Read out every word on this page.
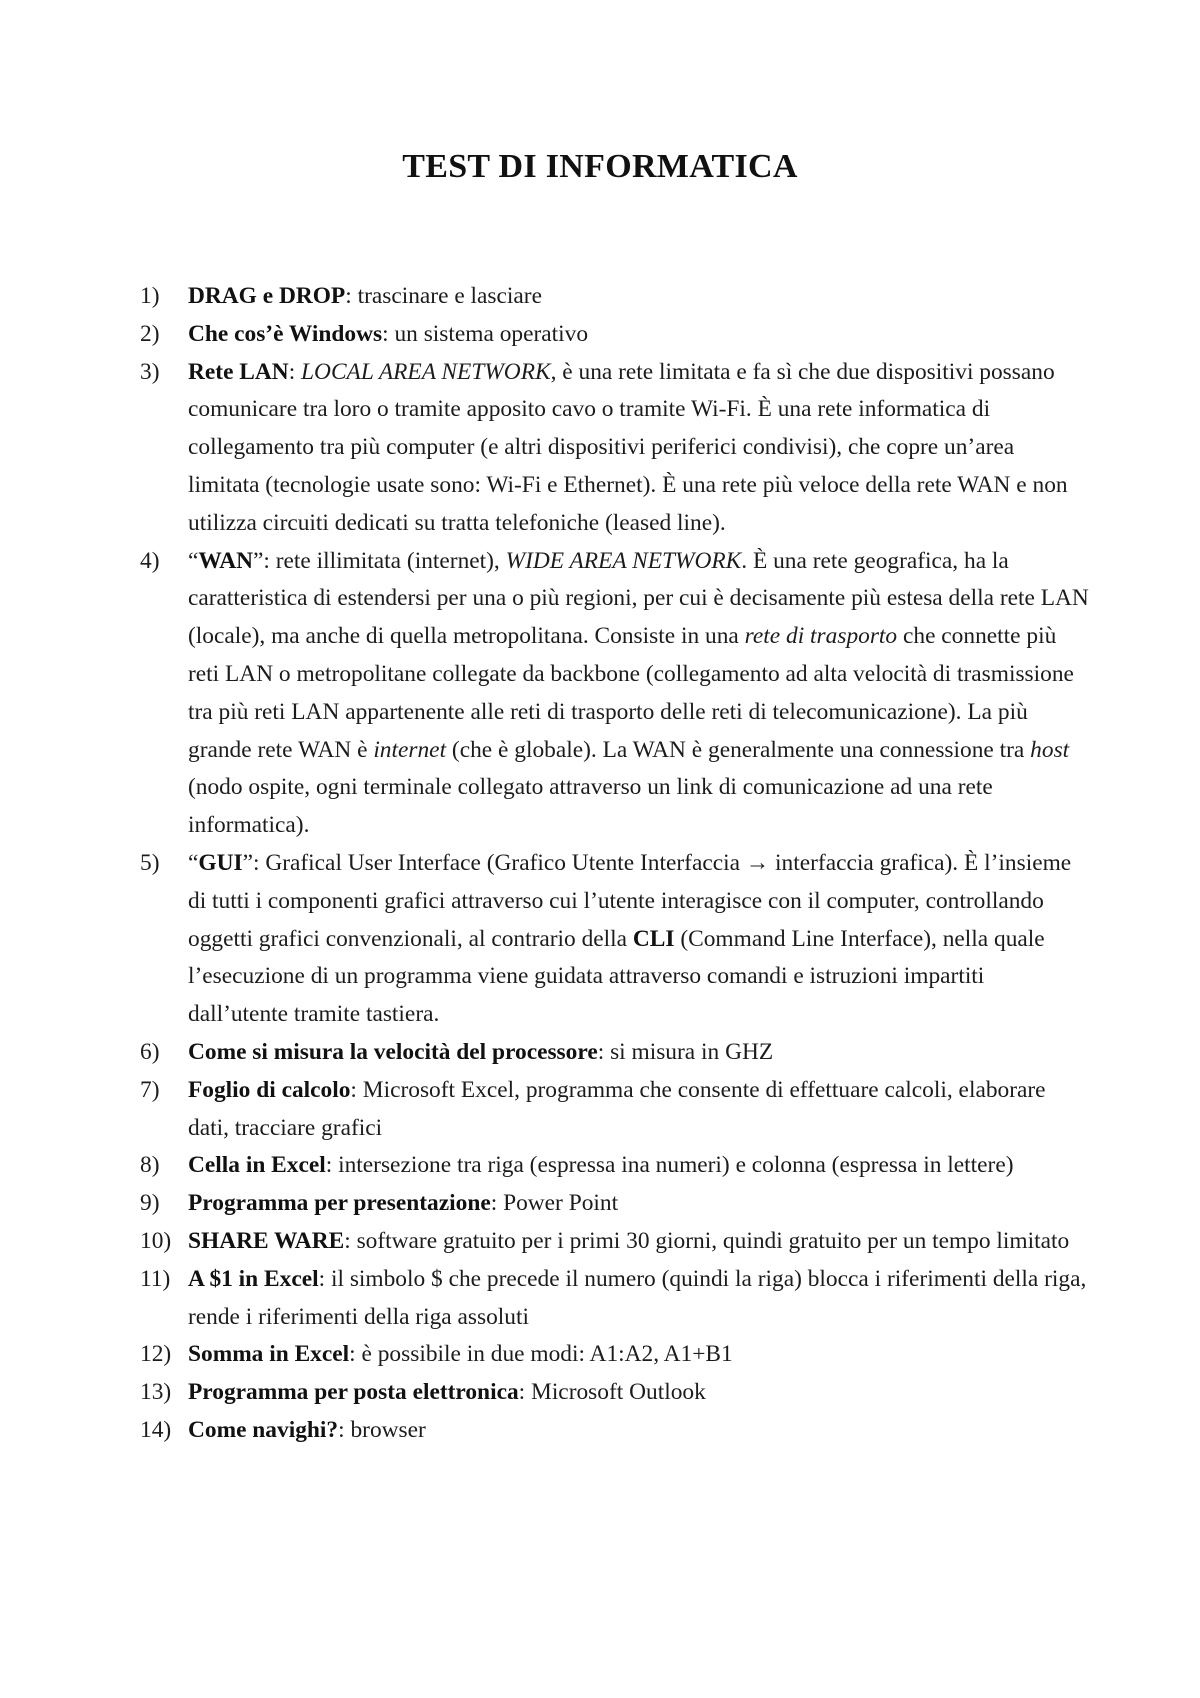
TEST DI INFORMATICA
1) DRAG e DROP: trascinare e lasciare
2) Che cos’è Windows: un sistema operativo
3) Rete LAN: LOCAL AREA NETWORK, è una rete limitata e fa sì che due dispositivi possano comunicare tra loro o tramite apposito cavo o tramite Wi-Fi. È una rete informatica di collegamento tra più computer (e altri dispositivi periferici condivisi), che copre un’area limitata (tecnologie usate sono: Wi-Fi e Ethernet). È una rete più veloce della rete WAN e non utilizza circuiti dedicati su tratta telefoniche (leased line).
4) “WAN”: rete illimitata (internet), WIDE AREA NETWORK. È una rete geografica, ha la caratteristica di estendersi per una o più regioni, per cui è decisamente più estesa della rete LAN (locale), ma anche di quella metropolitana. Consiste in una rete di trasporto che connette più reti LAN o metropolitane collegate da backbone (collegamento ad alta velocità di trasmissione tra più reti LAN appartenente alle reti di trasporto delle reti di telecomunicazione). La più grande rete WAN è internet (che è globale). La WAN è generalmente una connessione tra host (nodo ospite, ogni terminale collegato attraverso un link di comunicazione ad una rete informatica).
5) “GUI”: Grafical User Interface (Grafico Utente Interfaccia → interfaccia grafica). È l’insieme di tutti i componenti grafici attraverso cui l’utente interagisce con il computer, controllando oggetti grafici convenzionali, al contrario della CLI (Command Line Interface), nella quale l’esecuzione di un programma viene guidata attraverso comandi e istruzioni impartiti dall’utente tramite tastiera.
6) Come si misura la velocità del processore: si misura in GHZ
7) Foglio di calcolo: Microsoft Excel, programma che consente di effettuare calcoli, elaborare dati, tracciare grafici
8) Cella in Excel: intersezione tra riga (espressa ina numeri) e colonna (espressa in lettere)
9) Programma per presentazione: Power Point
10) SHARE WARE: software gratuito per i primi 30 giorni, quindi gratuito per un tempo limitato
11) A $1 in Excel: il simbolo $ che precede il numero (quindi la riga) blocca i riferimenti della riga, rende i riferimenti della riga assoluti
12) Somma in Excel: è possibile in due modi: A1:A2, A1+B1
13) Programma per posta elettronica: Microsoft Outlook
14) Come navighi?: browser
